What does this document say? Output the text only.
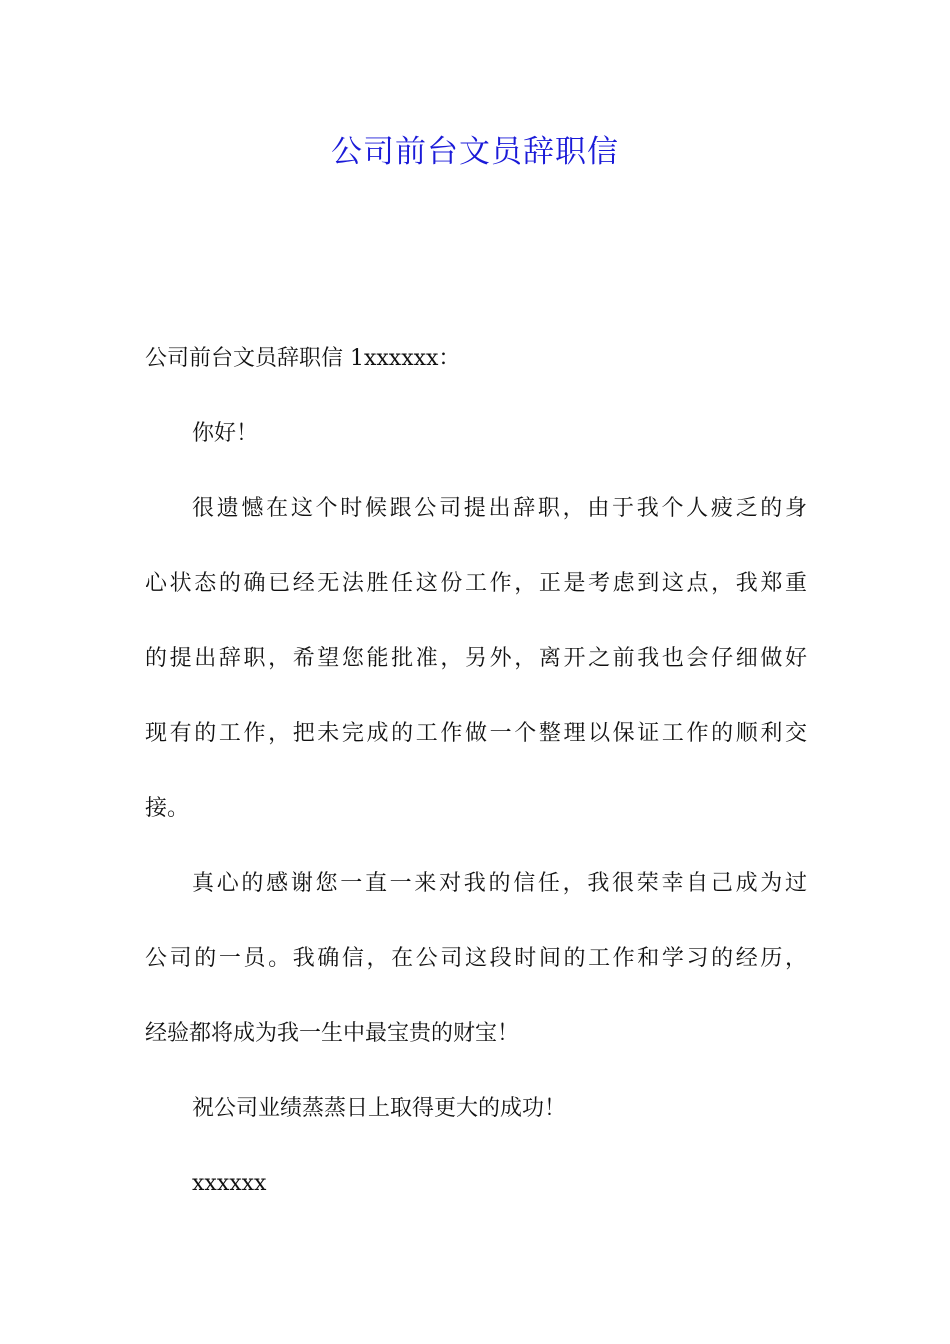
公司前台文员辞职信
公司前台文员辞职信 1xxxxxx：
你好！
很遗憾在这个时候跟公司提出辞职，由于我个人疲乏的身
心状态的确已经无法胜任这份工作，正是考虑到这点，我郑重
的提出辞职，希望您能批准，另外，离开之前我也会仔细做好
现有的工作，把未完成的工作做一个整理以保证工作的顺利交
接。
真心的感谢您一直一来对我的信任，我很荣幸自己成为过
公司的一员。我确信，在公司这段时间的工作和学习的经历，
经验都将成为我一生中最宝贵的财宝！
祝公司业绩蒸蒸日上取得更大的成功！
xxxxxx
